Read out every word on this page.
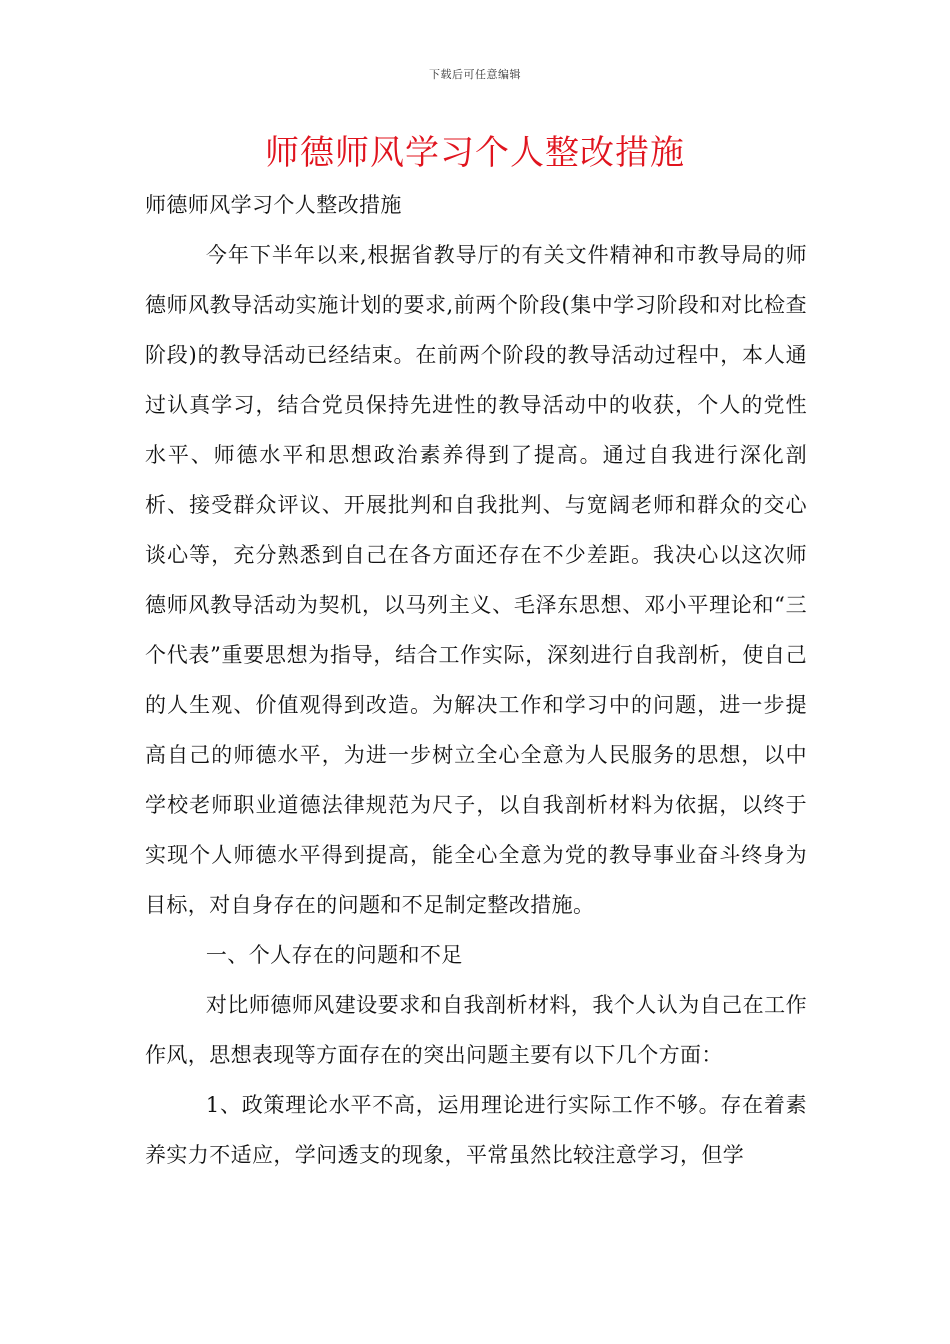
下载后可任意编辑
师德师风学习个人整改措施

师德师风学习个人整改措施

今年下半年以来,根据省教导厅的有关文件精神和市教导局的师德师风教导活动实施计划的要求,前两个阶段(集中学习阶段和对比检查阶段)的教导活动已经结束。在前两个阶段的教导活动过程中，本人通过认真学习，结合党员保持先进性的教导活动中的收获，个人的党性水平、师德水平和思想政治素养得到了提高。通过自我进行深化剖析、接受群众评议、开展批判和自我批判、与宽阔老师和群众的交心谈心等，充分熟悉到自己在各方面还存在不少差距。我决心以这次师德师风教导活动为契机，以马列主义、毛泽东思想、邓小平理论和“三个代表”重要思想为指导，结合工作实际，深刻进行自我剖析，使自己的人生观、价值观得到改造。为解决工作和学习中的问题，进一步提高自己的师德水平，为进一步树立全心全意为人民服务的思想，以中学校老师职业道德法律规范为尺子，以自我剖析材料为依据，以终于实现个人师德水平得到提高，能全心全意为党的教导事业奋斗终身为目标，对自身存在的问题和不足制定整改措施。

一、个人存在的问题和不足

对比师德师风建设要求和自我剖析材料，我个人认为自己在工作作风，思想表现等方面存在的突出问题主要有以下几个方面：

1、政策理论水平不高，运用理论进行实际工作不够。存在着素养实力不适应，学问透支的现象，平常虽然比较注意学习，但学
